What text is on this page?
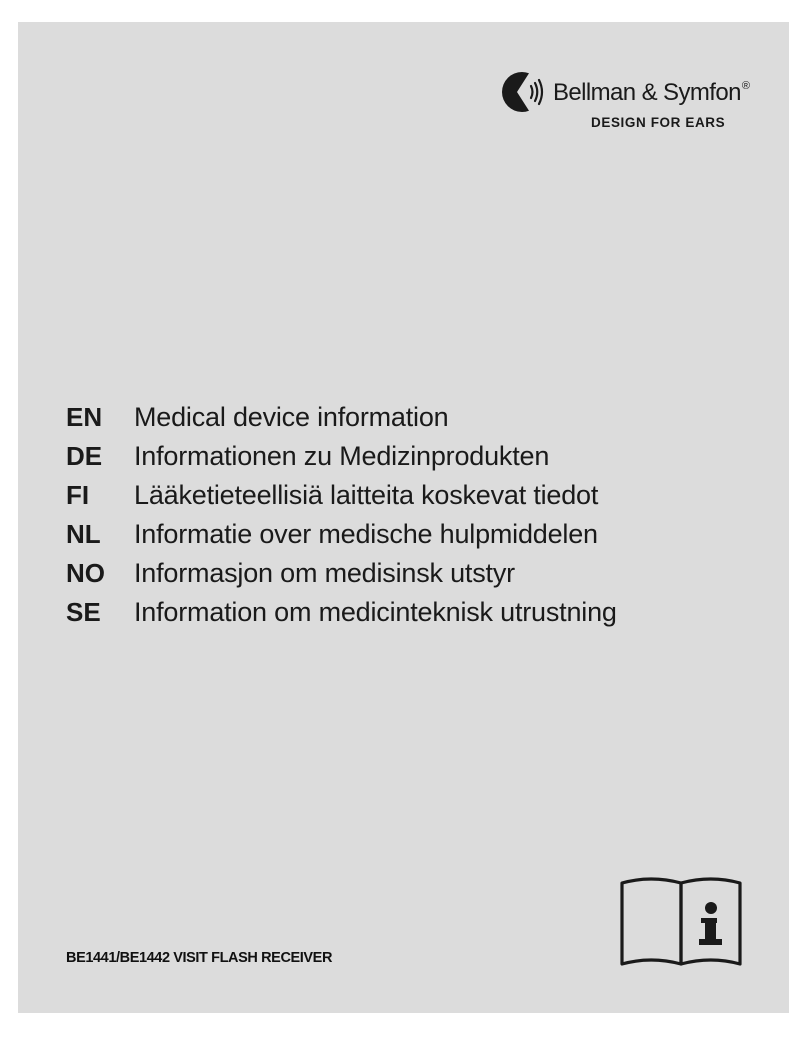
Bellman & Symfon®
DESIGN FOR EARS
EN	Medical device information
DE	Informationen zu Medizinprodukten
FI	Lääketieteellisiä laitteita koskevat tiedot
NL	Informatie over medische hulpmiddelen
NO	Informasjon om medisinsk utstyr
SE	Information om medicinteknisk utrustning
BE1441/BE1442 VISIT FLASH RECEIVER
